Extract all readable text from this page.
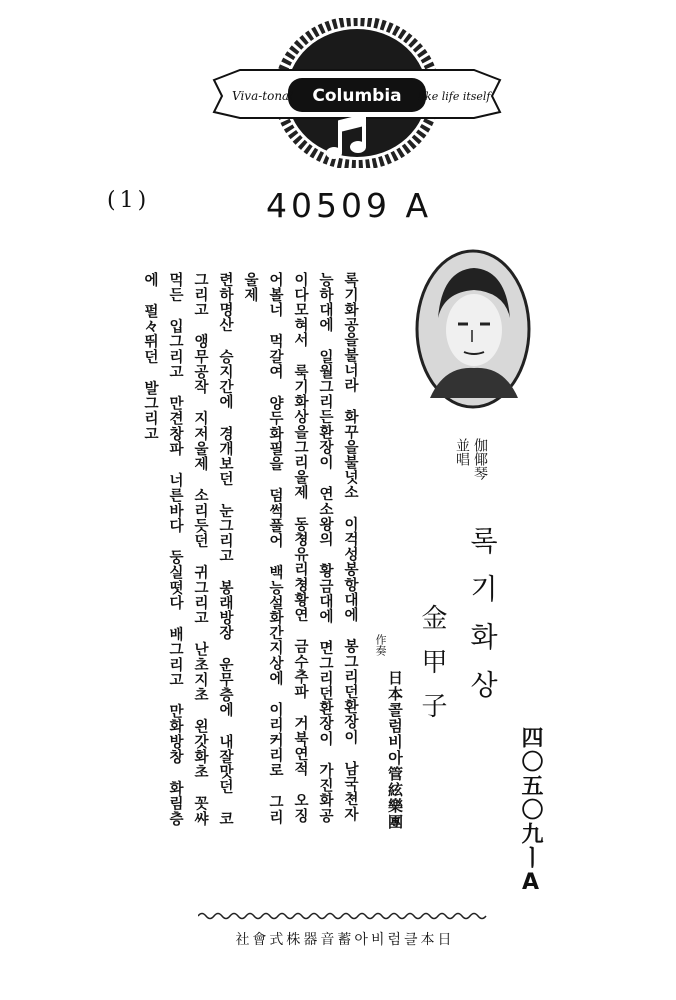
Viva-tonal Columbia like life itself
(1)	40509 A
伽倻琴
並唱
록기화상
金甲子
作奏
日本콜럼비아管絃樂團	四〇五〇九ㅣA
록기화공을불너라 화꾸을불넛소 이걱성봉항대에 봉그리던환장이 남국쳔자
능하대에 일월그리든환장이 연소왕의 황금대에 면그리던환장이 가진화공
이다모혀서 룩기화상을그리울제 동쳥유리쳥황연 금수추파 거북연적 오징
어볼너 먹갈여 양두화필을 덤썩풀어 백능설화간지상에 이리커리로 그리
울제
련하명산 승지간에 경개보던 눈그리고 봉래방장 운무층에 내잘맛던 코
그리고 앵무공작 지저울제 소리듯던 귀그리고 난초지초 왼갓화초 꼿쌰
먹든 입그리고 만견창파 너른바다 둥실떳다 배그리고 만화방창 화림층
에 펄々뛰던 발그리고
社會式株器音蓄아비럼클本日
